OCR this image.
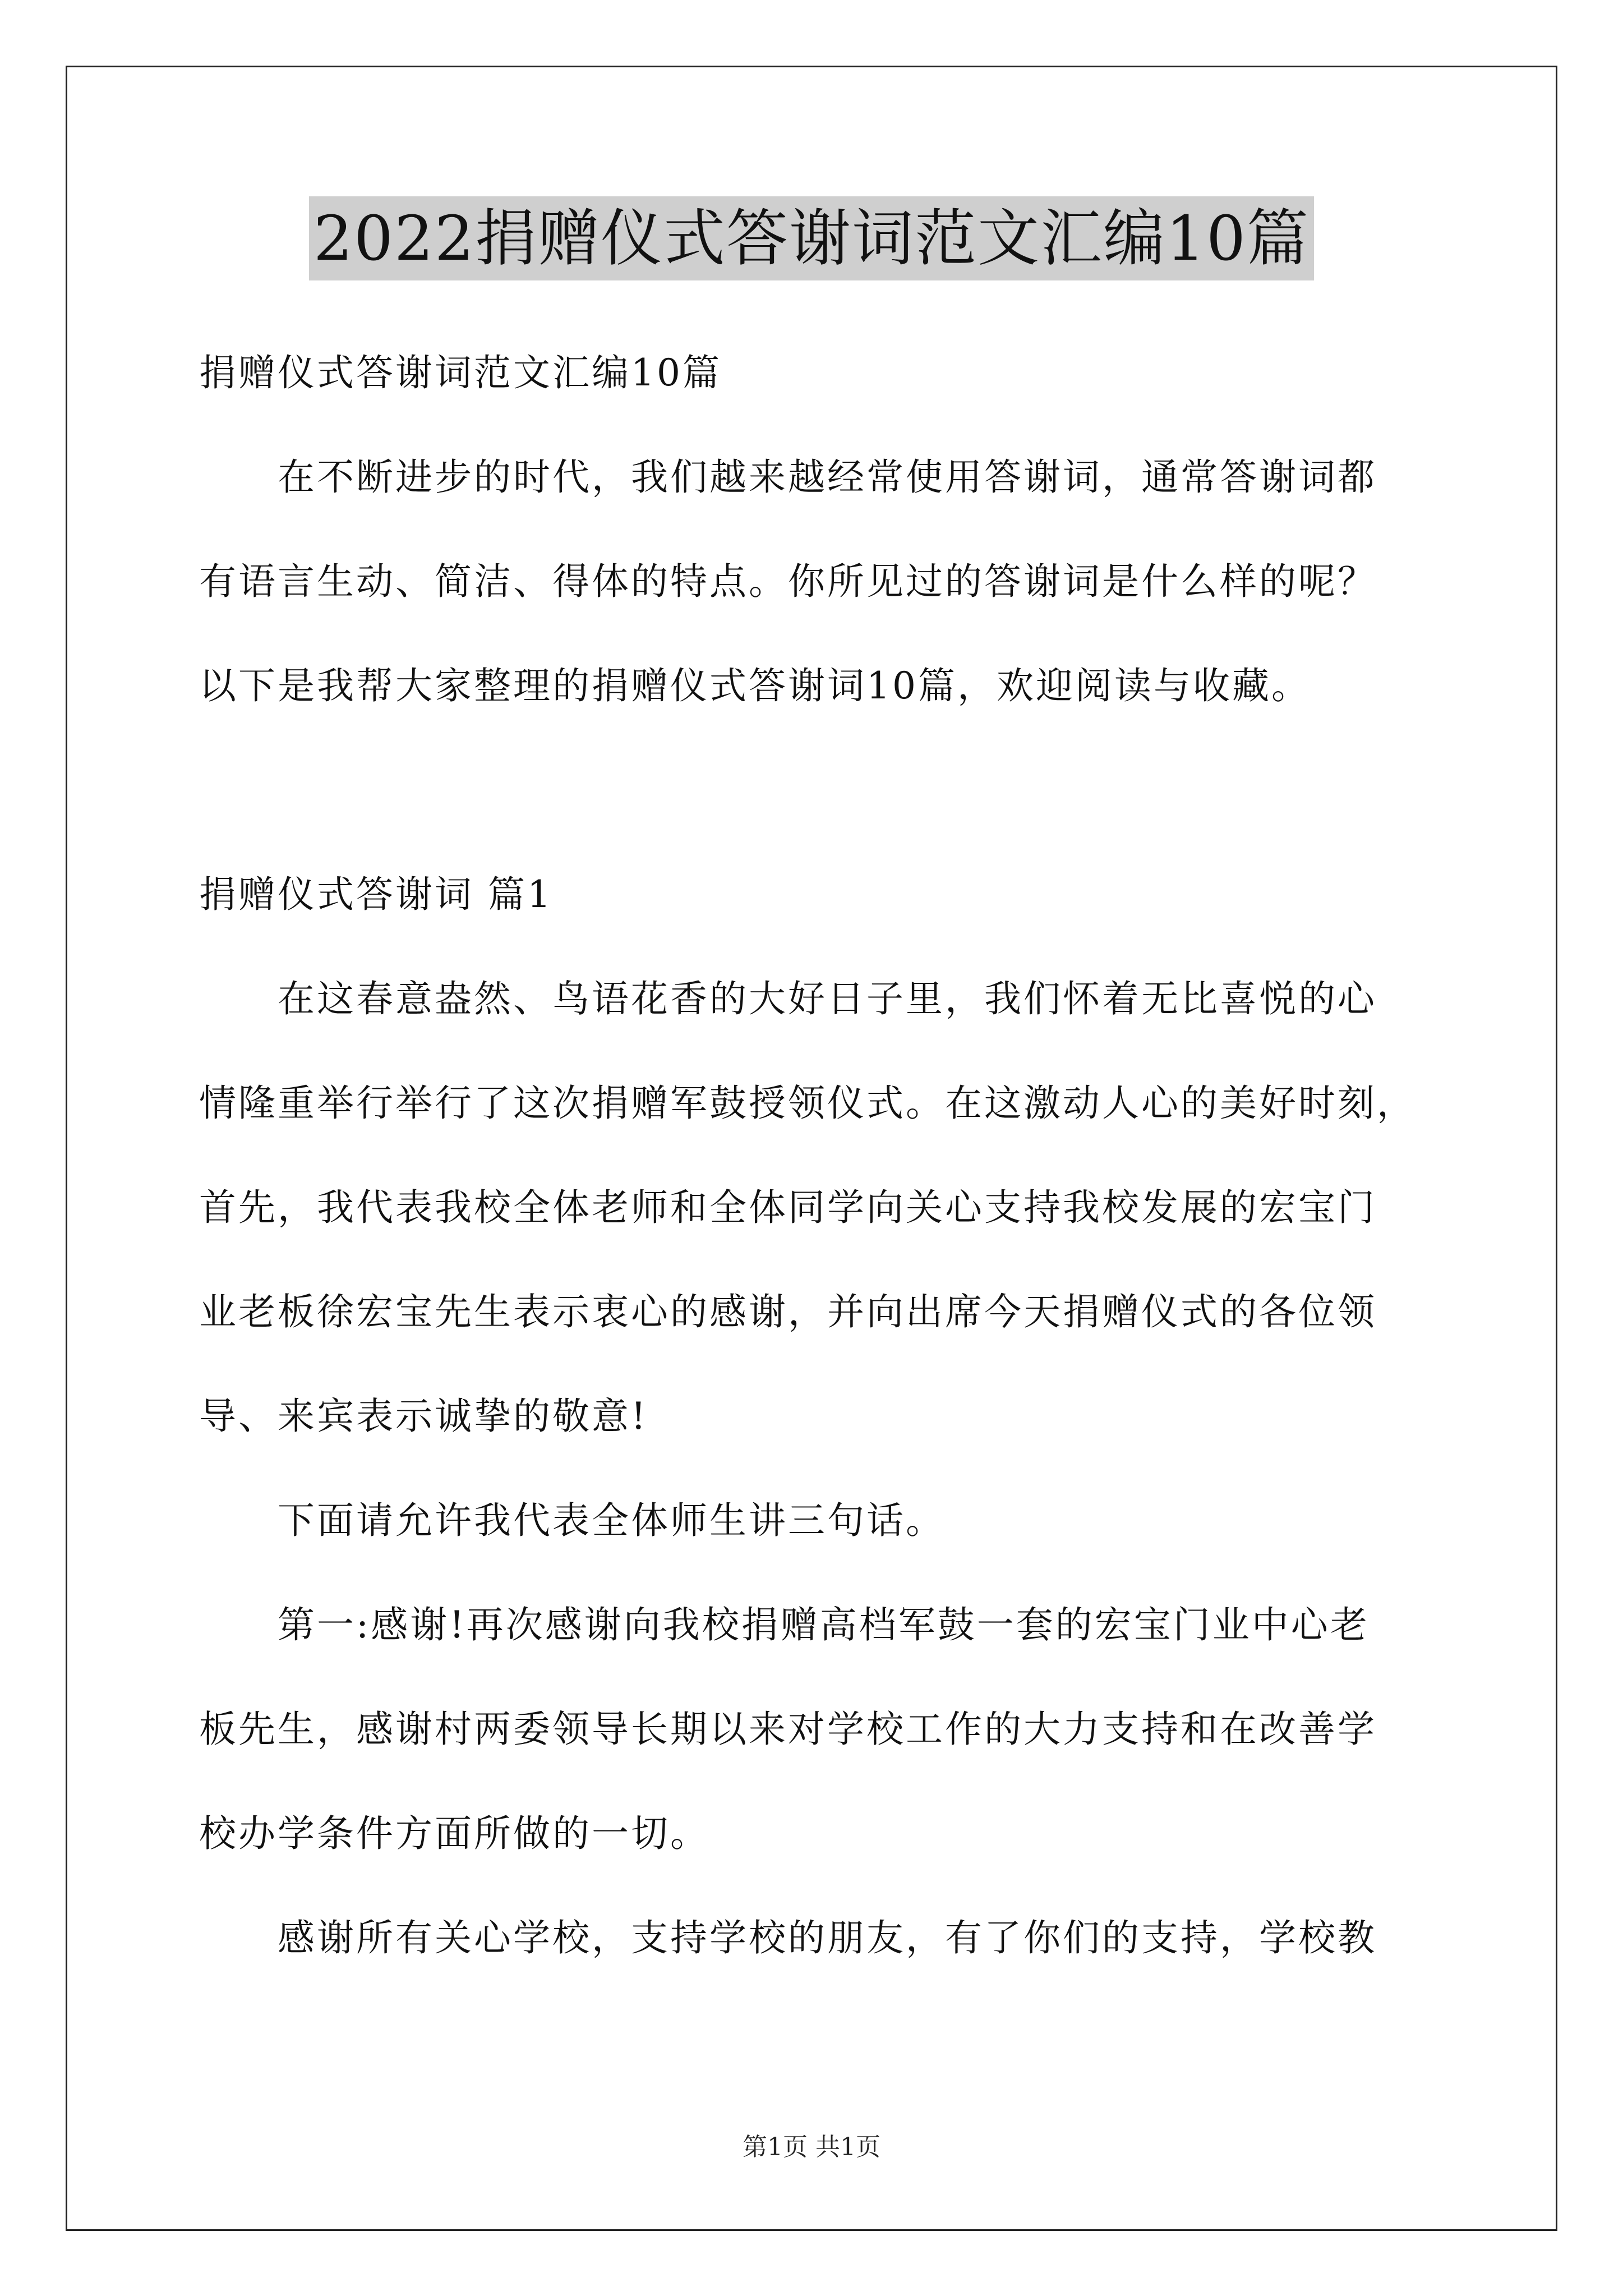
2022捐赠仪式答谢词范文汇编10篇
捐赠仪式答谢词范文汇编10篇
在不断进步的时代，我们越来越经常使用答谢词，通常答谢词都
有语言生动、简洁、得体的特点。你所见过的答谢词是什么样的呢？
以下是我帮大家整理的捐赠仪式答谢词10篇，欢迎阅读与收藏。
捐赠仪式答谢词 篇1
在这春意盎然、鸟语花香的大好日子里，我们怀着无比喜悦的心
情隆重举行举行了这次捐赠军鼓授领仪式。在这激动人心的美好时刻，
首先，我代表我校全体老师和全体同学向关心支持我校发展的宏宝门
业老板徐宏宝先生表示衷心的感谢，并向出席今天捐赠仪式的各位领
导、来宾表示诚挚的敬意!
下面请允许我代表全体师生讲三句话。
第一:感谢!再次感谢向我校捐赠高档军鼓一套的宏宝门业中心老
板先生，感谢村两委领导长期以来对学校工作的大力支持和在改善学
校办学条件方面所做的一切。
感谢所有关心学校，支持学校的朋友，有了你们的支持，学校教
第1页 共1页
